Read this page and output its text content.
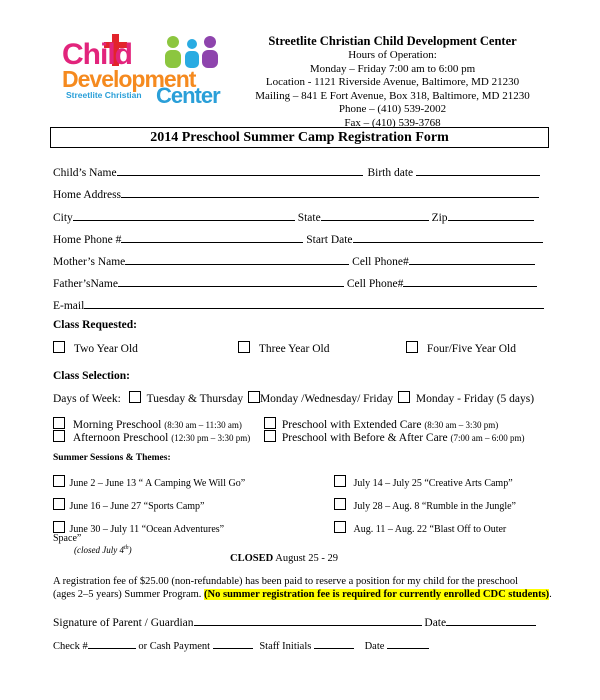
Child
Development
Streetlite Christian Center
Streetlite Christian Child Development Center
Hours of Operation:
Monday – Friday 7:00 am to 6:00 pm
Location - 1121 Riverside Avenue, Baltimore, MD 21230
Mailing – 841 E Fort Avenue, Box 318, Baltimore, MD 21230
Phone – (410) 539-2002
Fax – (410) 539-3768
2014 Preschool Summer Camp Registration Form
Child’s Name	Birth date
Home Address
City	State	Zip
Home Phone #	Start Date
Mother’s Name	Cell Phone#
Father’sName	Cell Phone#
E-mail
Class Requested:
Two Year Old	Three Year Old	Four/Five Year Old
Class Selection:
Days of Week: Tuesday & Thursday Monday /Wednesday/ Friday Monday - Friday (5 days)
Morning Preschool (8:30 am – 11:30 am)	Preschool with Extended Care (8:30 am – 3:30 pm)
Afternoon Preschool (12:30 pm – 3:30 pm)	Preschool with Before & After Care (7:00 am – 6:00 pm)
Summer Sessions & Themes:
June 2 – June 13 “ A Camping We Will Go”	July 14 – July 25 “Creative Arts Camp”
June 16 – June 27 “Sports Camp”	July 28 – Aug. 8 “Rumble in the Jungle”
June 30 – July 11 “Ocean Adventures”	Aug. 11 – Aug. 22 “Blast Off to Outer
Space”
(closed July 4th)
CLOSED August 25 - 29
A registration fee of $25.00 (non-refundable) has been paid to reserve a position for my child for the preschool
(ages 2–5 years) Summer Program. (No summer registration fee is required for currently enrolled CDC students).
Signature of Parent / Guardian	Date
Check #	or Cash Payment	Staff Initials	Date
